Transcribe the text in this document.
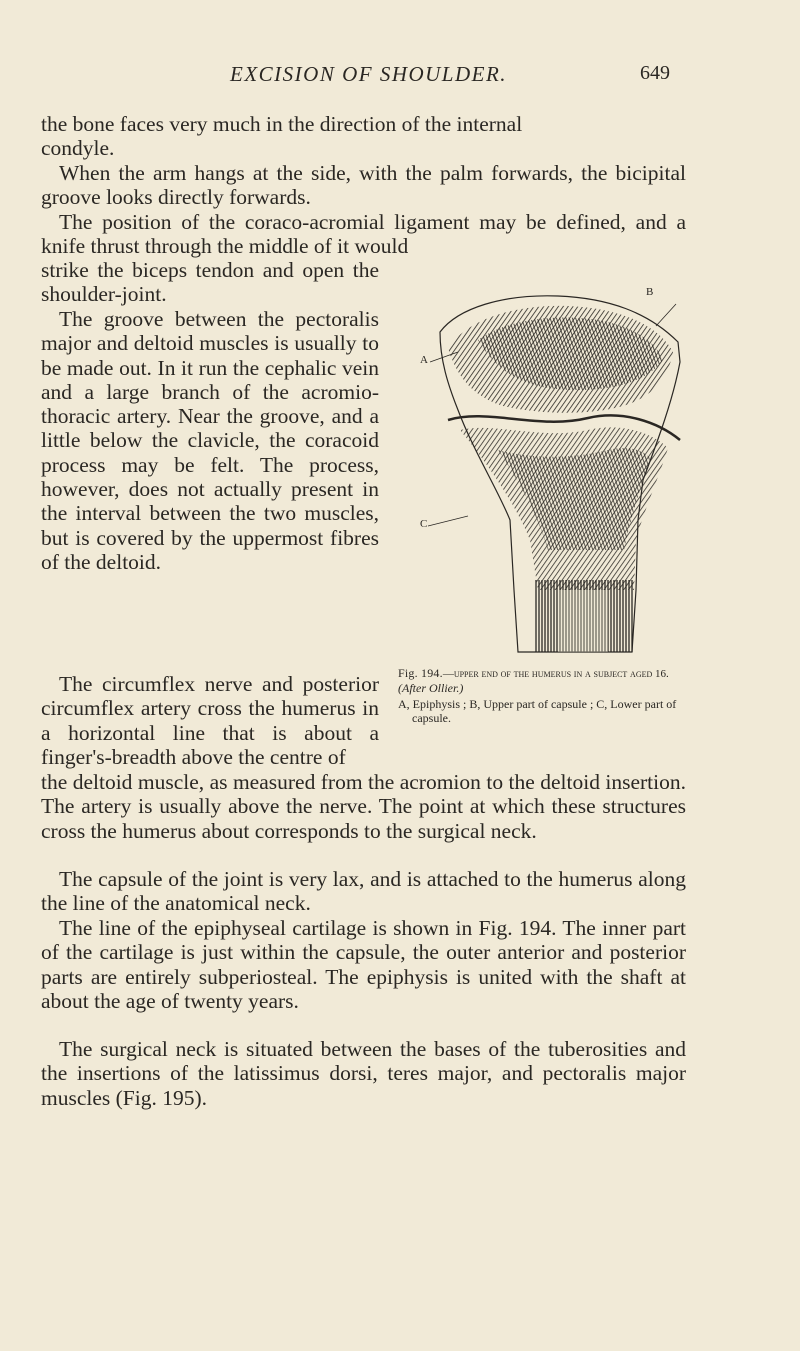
EXCISION OF SHOULDER.	649

the bone faces very much in the direction of the internal
condyle.

When the arm hangs at the side, with the palm forwards, the bicipital groove looks directly forwards.

The position of the coraco-acromial ligament may be defined, and a knife thrust through the middle of it would

strike the biceps tendon and open the shoulder-joint.

The groove between the pectoralis major and deltoid muscles is usually to be made out. In it run the cephalic vein and a large branch of the acromio-thoracic artery. Near the groove, and a little below the clavicle, the coracoid process may be felt. The process, however, does not actually present in the interval between the two muscles, but is covered by the uppermost fibres of the deltoid.

The circumflex nerve and posterior circumflex artery cross the humerus in a horizontal line that is about a finger's-breadth above the centre of

the deltoid muscle, as measured from the acromion to the deltoid insertion. The artery is usually above the nerve. The point at which these structures cross the humerus about corresponds to the surgical neck.

The capsule of the joint is very lax, and is attached to the humerus along the line of the anatomical neck.

The line of the epiphyseal cartilage is shown in Fig. 194. The inner part of the cartilage is just within the capsule, the outer anterior and posterior parts are entirely subperiosteal. The epiphysis is united with the shaft at about the age of twenty years.

The surgical neck is situated between the bases of the tuberosities and the insertions of the latissimus dorsi, teres major, and pectoralis major muscles (Fig. 195).

A
B
C
Fig. 194.—upper end of the humerus in a subject aged 16. (After Ollier.)
A, Epiphysis ; B, Upper part of capsule ; C, Lower part of capsule.
